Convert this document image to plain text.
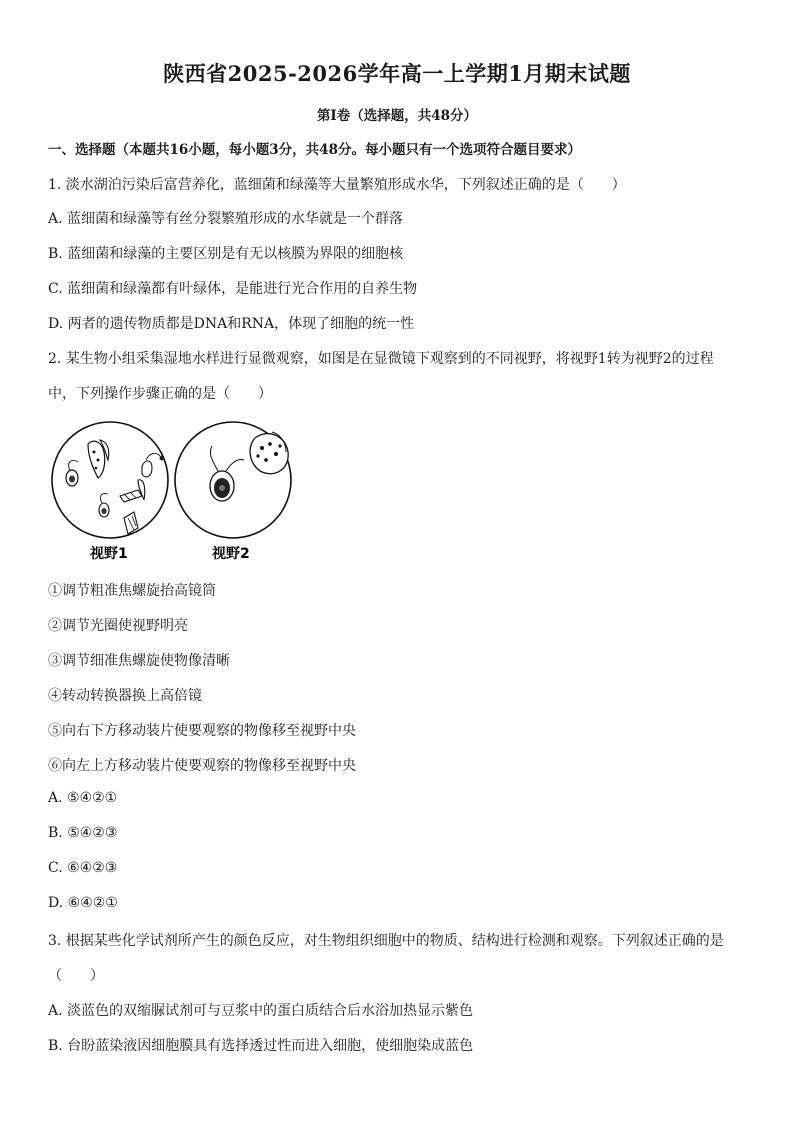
陕西省2025-2026学年高一上学期1月期末试题
第I卷（选择题，共48分）
一、选择题（本题共16小题，每小题3分，共48分。每小题只有一个选项符合题目要求）
1. 淡水湖泊污染后富营养化，蓝细菌和绿藻等大量繁殖形成水华，下列叙述正确的是（　　）
A. 蓝细菌和绿藻等有丝分裂繁殖形成的水华就是一个群落
B. 蓝细菌和绿藻的主要区别是有无以核膜为界限的细胞核
C. 蓝细菌和绿藻都有叶绿体，是能进行光合作用的自养生物
D. 两者的遗传物质都是DNA和RNA，体现了细胞的统一性
2. 某生物小组采集湿地水样进行显微观察，如图是在显微镜下观察到的不同视野，将视野1转为视野2的过程
中，下列操作步骤正确的是（　　）
视野1	视野2
①调节粗准焦螺旋抬高镜筒
②调节光圈使视野明亮
③调节细准焦螺旋使物像清晰
④转动转换器换上高倍镜
⑤向右下方移动装片使要观察的物像移至视野中央
⑥向左上方移动装片使要观察的物像移至视野中央
A. ⑤④②①
B. ⑤④②③
C. ⑥④②③
D. ⑥④②①
3. 根据某些化学试剂所产生的颜色反应，对生物组织细胞中的物质、结构进行检测和观察。下列叙述正确的是
（　　）
A. 淡蓝色的双缩脲试剂可与豆浆中的蛋白质结合后水浴加热显示紫色
B. 台盼蓝染液因细胞膜具有选择透过性而进入细胞，使细胞染成蓝色
